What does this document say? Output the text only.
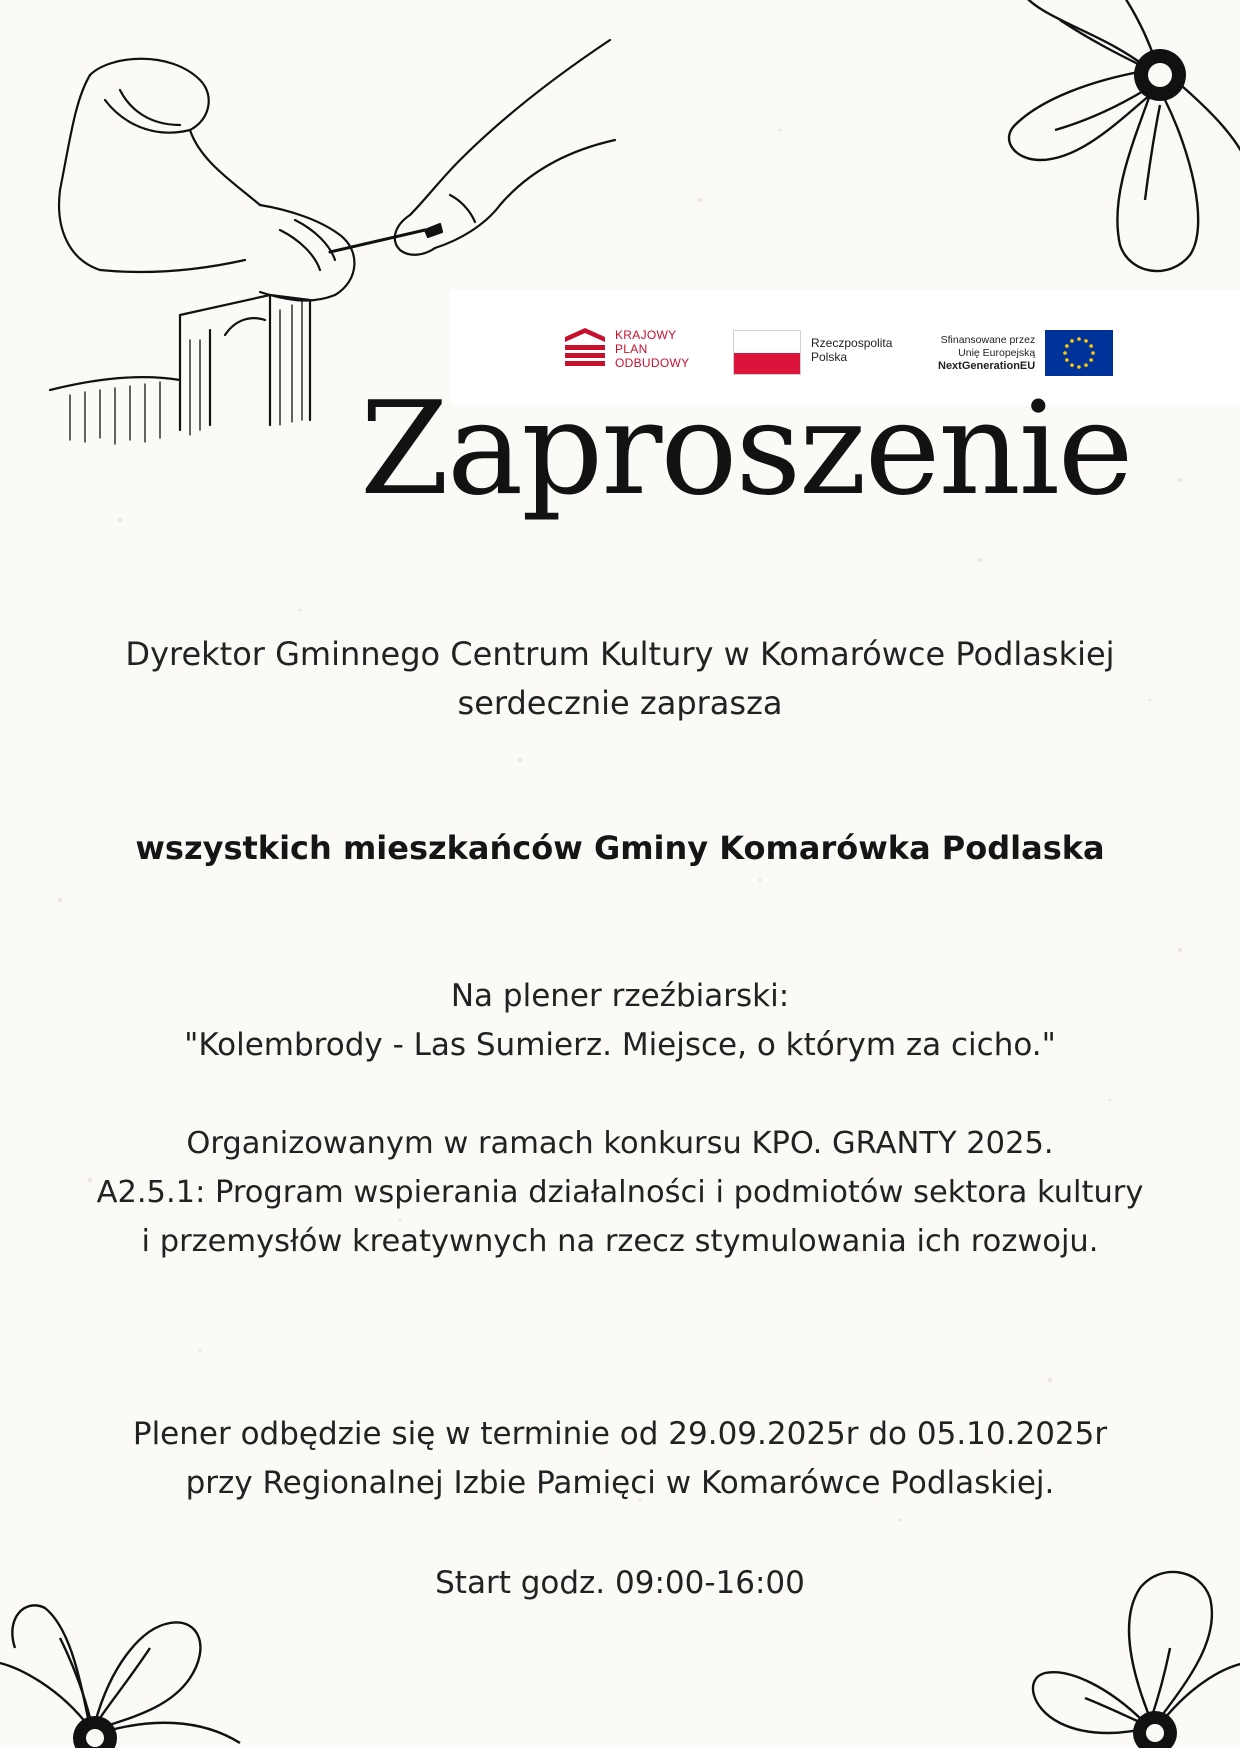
KRAJOWY
PLAN
ODBUDOWY
Rzeczpospolita
Polska
Sfinansowane przez
Unię Europejską
NextGenerationEU
Zaproszenie
Dyrektor Gminnego Centrum Kultury w Komarówce Podlaskiej
serdecznie zaprasza
wszystkich mieszkańców Gminy Komarówka Podlaska
Na plener rzeźbiarski:
"Kolembrody - Las Sumierz. Miejsce, o którym za cicho."
Organizowanym w ramach konkursu KPO. GRANTY 2025.
A2.5.1: Program wspierania działalności i podmiotów sektora kultury
i przemysłów kreatywnych na rzecz stymulowania ich rozwoju.
Plener odbędzie się w terminie od 29.09.2025r do 05.10.2025r
przy Regionalnej Izbie Pamięci w Komarówce Podlaskiej.
Start godz. 09:00-16:00
